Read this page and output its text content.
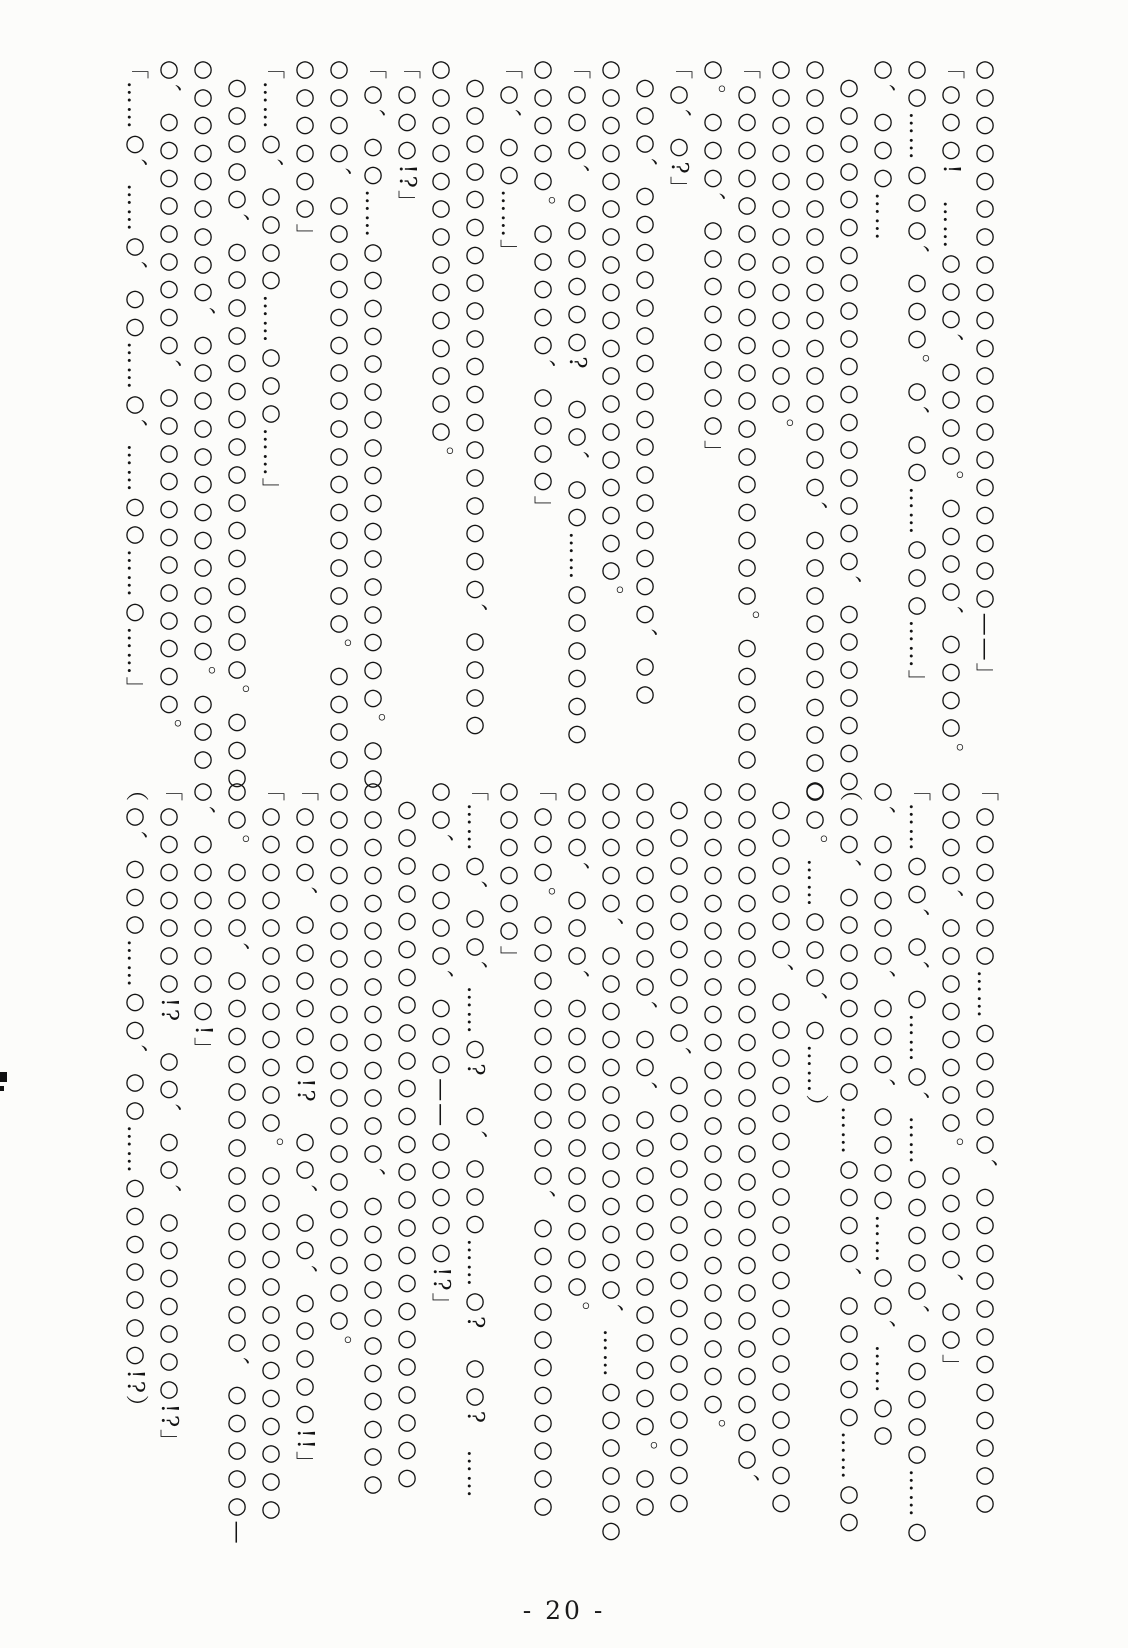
○○○○○○○○○○○○○○○○○○○○——」

「○○○!　……○○○、○○○○。○○○○、○○○○。

○○……○○○、○○○。○、○○……○○○……」

○、○○○……

○○○○○○○○○○○○○○○○○○、○○○○○○○

○○○○○○○○○○○○○○○○、○○○○○○○○○○

○○○○○○○○○○○○○。

「○○○○○○○○○○○○○○○○○○○。○○○○○

○。○○○、○○○○○○○○」

「○、○?」

○○○、○○○○○○○○○○○○○○○○、○○

○○○○○○○○○○○○○○○○○○○。

「○○○、○○○○○○?　○○、○○……○○○○○○

○○○○○。○○○○○、○○○○」

「○、○○……」

○○○○○○○○○○○○○○○○○○○、○○○○

○○○○○○○○○○○○○○。

「○○○!?」

「○、○○……○○○○○○○○○○○○○○○○○。○○

○○○○、○○○○○○○○○○○○○○○○。○○○○

○○○○○○」

「……○、○○○○……○○○……」

○○○○○、○○○○○○○○○○○○○○○○。○○○

○○○○○○○○○、○○○○○○○○○○○○。○○○

○、○○○○○○○○○、○○○○○○○○○○○○。

「……○、……○、○○……○、……○○……○……」

「○○○○○○……○○○○○、○○○○○○○○○○○○

○○○○、○○○○○○○○。○○○○、○○」

「……○○、○、○……○、……○○○○○、○○○○○……○

○、○○○○○、○○○、○○○○……○○、……○○

（○○、○○○○○○○○……○○○○、○○○○○……○○

○○。……○○○、○……）

○○○○○○、○○○○○○○○○○○○○○○○○○○

○○○○○○○○○○○○○○○○○○○○○○○○○、

○○○○○○○○○○○○○○○○○○○○○○○。

○○○○○○○○○、○○○○○○○○○○○○○○○○

○○○○○○○○、○○、○○○○○○○○○○○○。○○

○○○○○、○○○○○○○○○○○○○、……○○○○○○

○○○、○○○、○○○○○○○○○○○。

「○○○。○○○○○○○○○○、○○○○○○○○○○○

○○○○○○」

「……○、○○、……○?　○、○○○……○?　○○?　……

○○、○○○○、○○○——○○○○○!?」

○○○○○○○○○○○○○○○○○○○○○○○○○

○○○○○○○○○○○○○○、○○○○○○○○○○○

○○○○○○○○○○○○○○○○○○○○。

「○○○、○○○○○○!?　○○、○○、○○○○○!!」

「○○○○○○○○○○○○。○○○○○○○○○○○○○

○○。○○○、○○○○○○○○○○○○○○、○○○○○—

○、○○○○○○○!」

「○○○○○○○!?　○○、○○、○○○○○○○!?」

（○、○○○……○○、○○……○○○○○○○!?）

- 20 -
